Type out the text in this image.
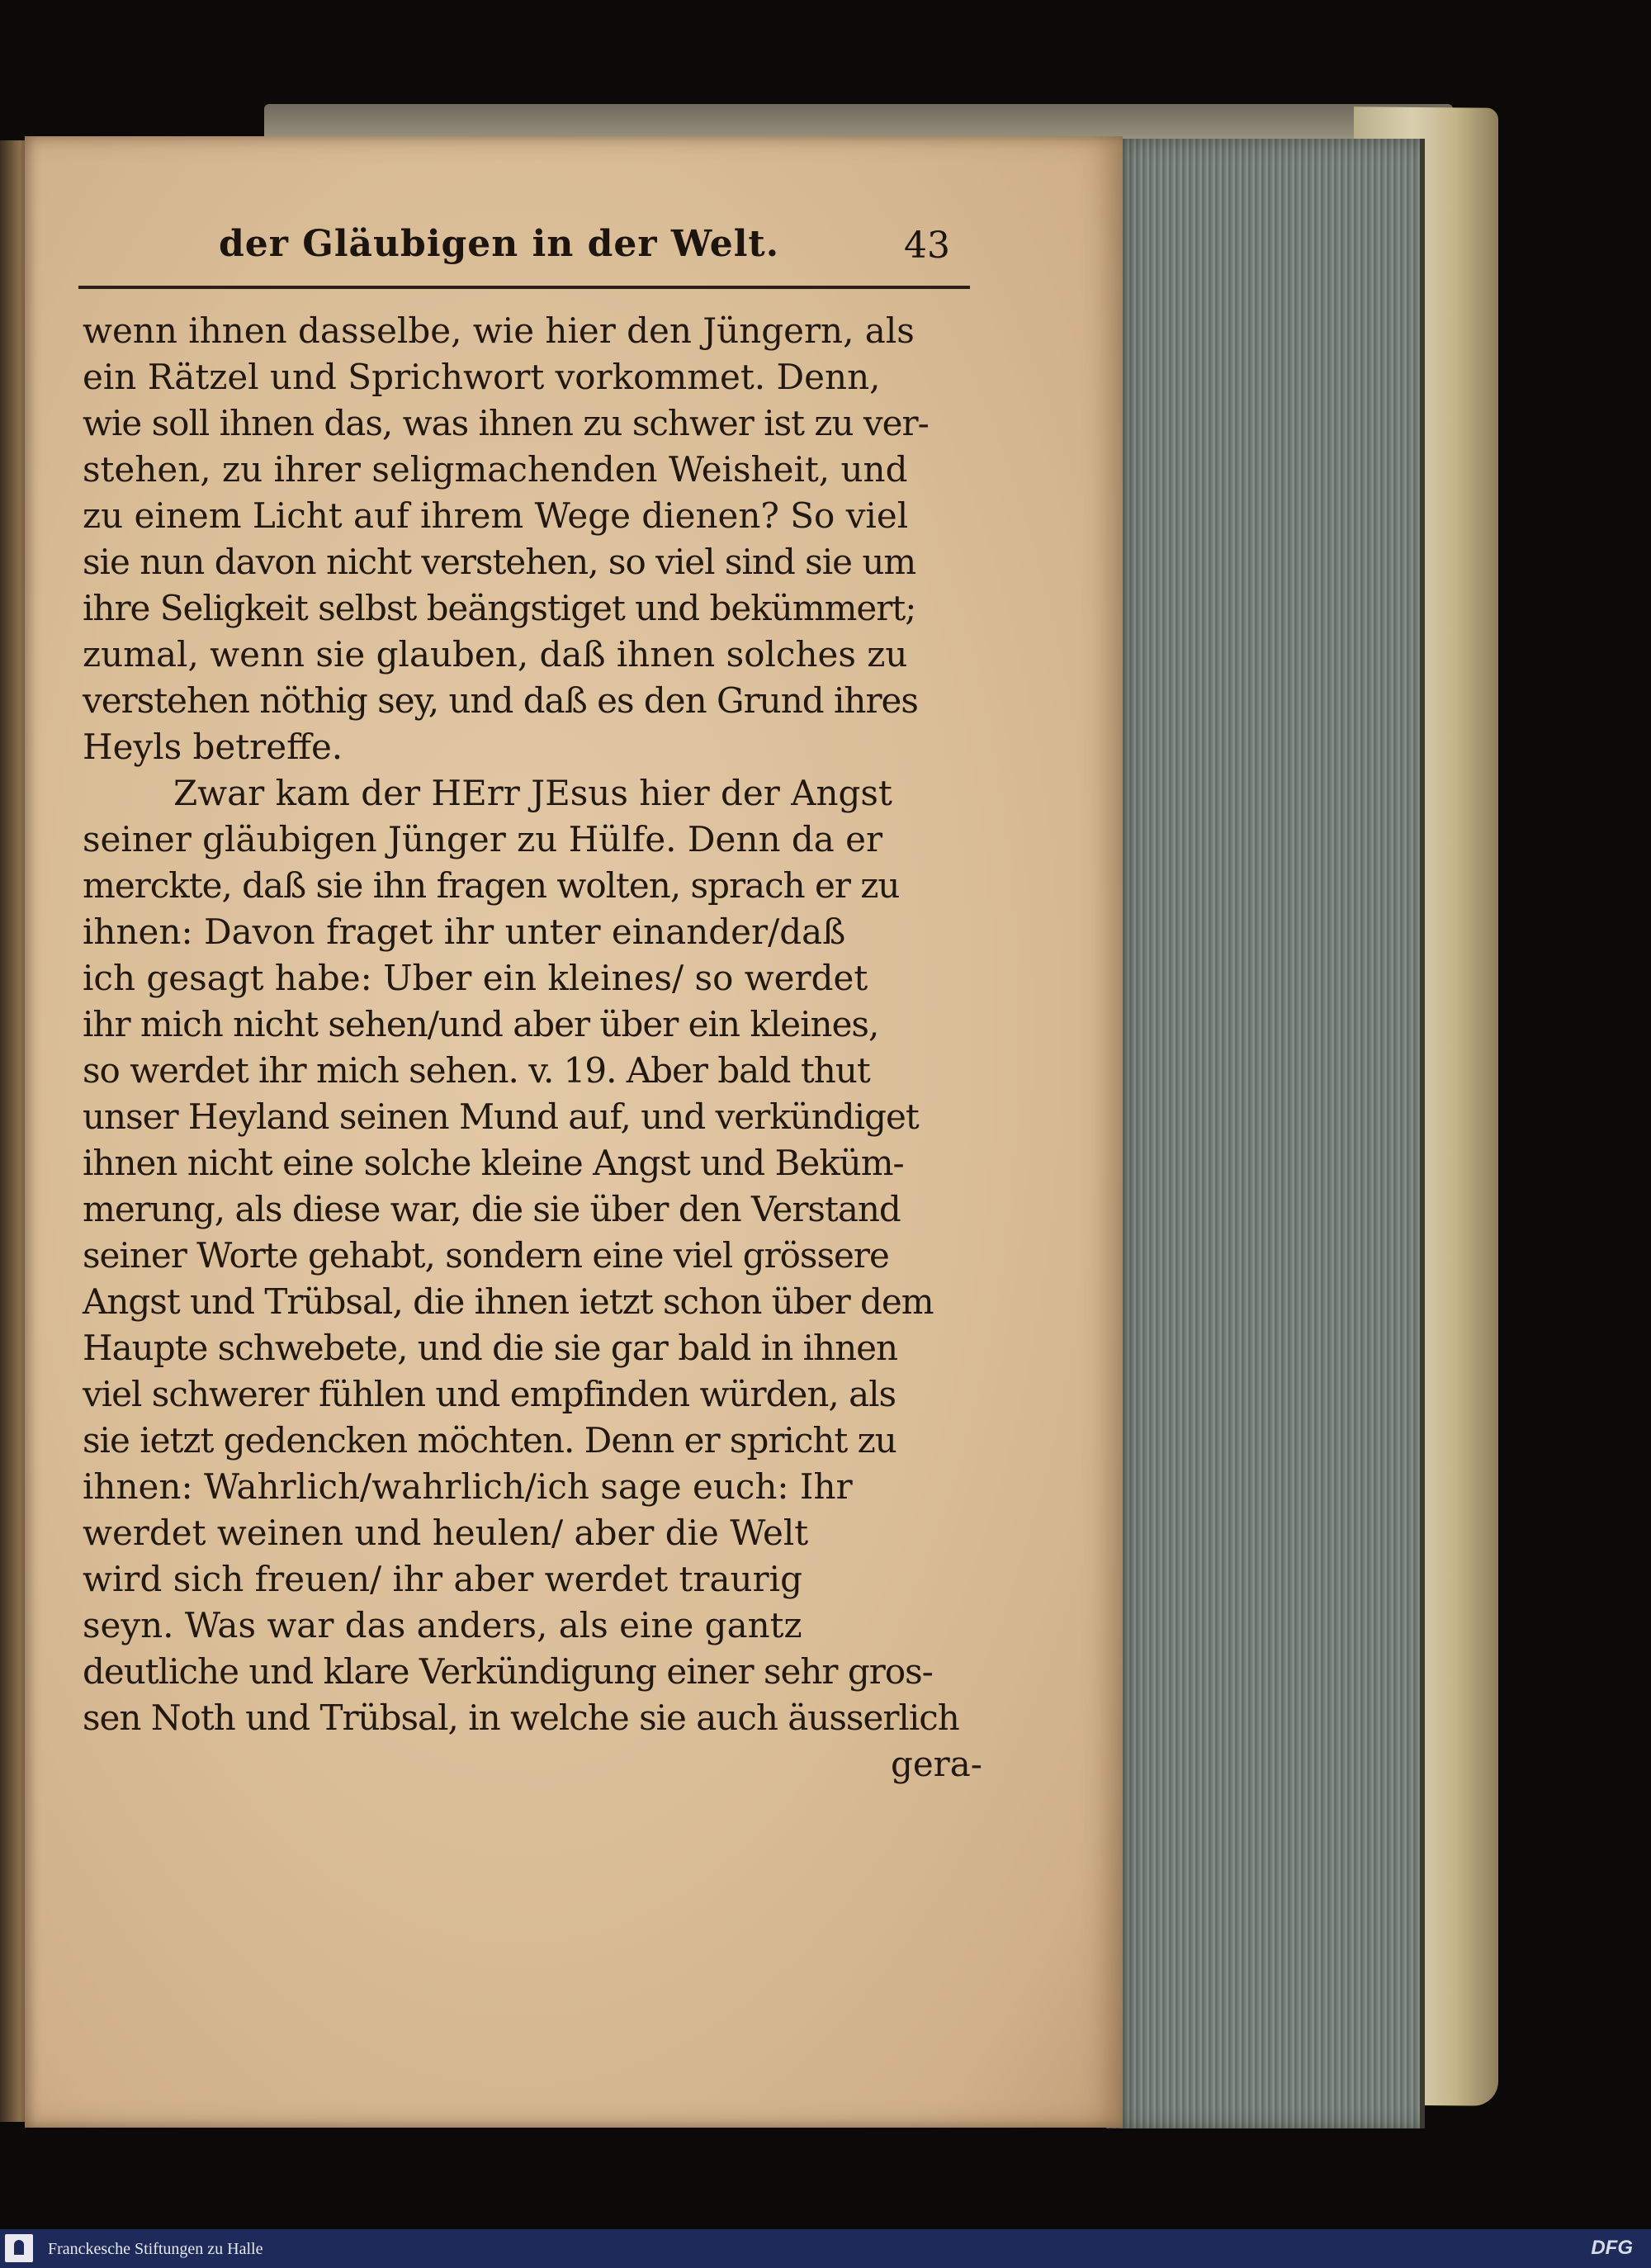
der Gläubigen in der Welt.	43
wenn ihnen dasselbe, wie hier den Jüngern, als
ein Rätzel und Sprichwort vorkommet. Denn,
wie soll ihnen das, was ihnen zu schwer ist zu ver-
stehen, zu ihrer seligmachenden Weisheit, und
zu einem Licht auf ihrem Wege dienen? So viel
sie nun davon nicht verstehen, so viel sind sie um
ihre Seligkeit selbst beängstiget und bekümmert;
zumal, wenn sie glauben, daß ihnen solches zu
verstehen nöthig sey, und daß es den Grund ihres
Heyls betreffe.
Zwar kam der HErr JEsus hier der Angst
seiner gläubigen Jünger zu Hülfe. Denn da er
merckte, daß sie ihn fragen wolten, sprach er zu
ihnen: Davon fraget ihr unter einander/daß
ich gesagt habe: Uber ein kleines/ so werdet
ihr mich nicht sehen/und aber über ein kleines,
so werdet ihr mich sehen. v. 19. Aber bald thut
unser Heyland seinen Mund auf, und verkündiget
ihnen nicht eine solche kleine Angst und Beküm-
merung, als diese war, die sie über den Verstand
seiner Worte gehabt, sondern eine viel grössere
Angst und Trübsal, die ihnen ietzt schon über dem
Haupte schwebete, und die sie gar bald in ihnen
viel schwerer fühlen und empfinden würden, als
sie ietzt gedencken möchten. Denn er spricht zu
ihnen: Wahrlich/wahrlich/ich sage euch: Ihr
werdet weinen und heulen/ aber die Welt
wird sich freuen/ ihr aber werdet traurig
seyn. Was war das anders, als eine gantz
deutliche und klare Verkündigung einer sehr gros-
sen Noth und Trübsal, in welche sie auch äusserlich
gera-
Franckesche Stiftungen zu Halle	DFG
